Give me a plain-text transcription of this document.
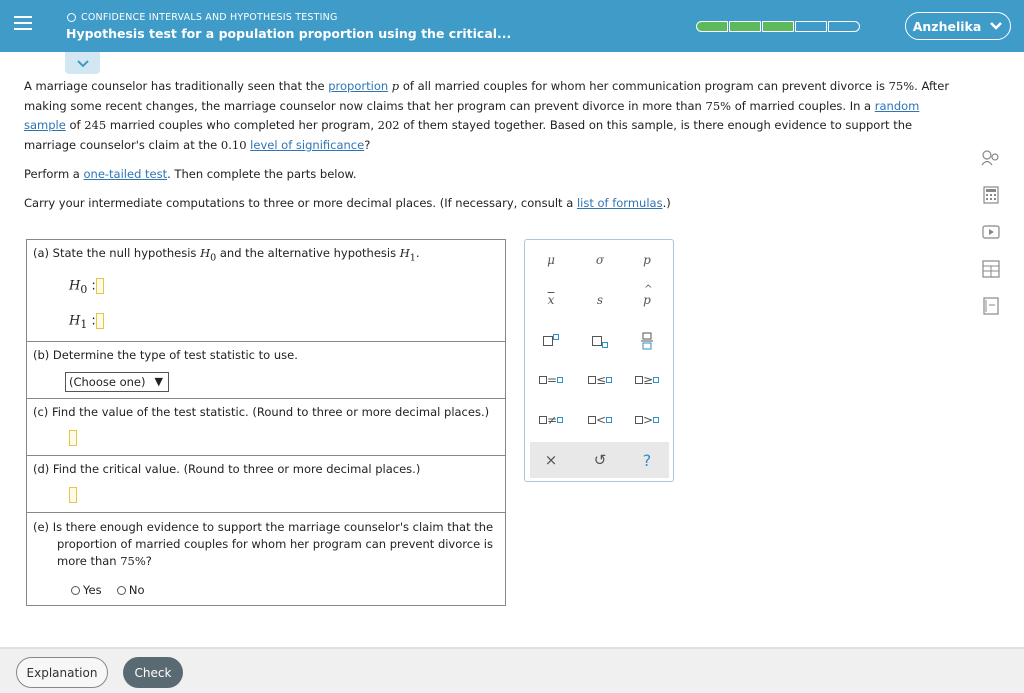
CONFIDENCE INTERVALS AND HYPOTHESIS TESTING
Hypothesis test for a population proportion using the critical...	Anzhelika
A marriage counselor has traditionally seen that the proportion p of all married couples for whom her communication program can prevent divorce is 75%. After making some recent changes, the marriage counselor now claims that her program can prevent divorce in more than 75% of married couples. In a random sample of 245 married couples who completed her program, 202 of them stayed together. Based on this sample, is there enough evidence to support the marriage counselor's claim at the 0.10 level of significance?
Perform a one-tailed test. Then complete the parts below.
Carry your intermediate computations to three or more decimal places. (If necessary, consult a list of formulas.)
(a) State the null hypothesis $H_0$ and the alternative hypothesis $H_1$.
$H_0$ :
$H_1$ :
(b) Determine the type of test statistic to use.
(Choose one) ▼
(c) Find the value of the test statistic. (Round to three or more decimal places.)
(d) Find the critical value. (Round to three or more decimal places.)
(e) Is there enough evidence to support the marriage counselor's claim that the
proportion of married couples for whom her program can prevent divorce is
more than 75%?
Yes No
μ	σ	p
$\overline{x}$	s
^
p
=	≤	≥
≠	<	>
× ↺ ?
Explanation	Check
